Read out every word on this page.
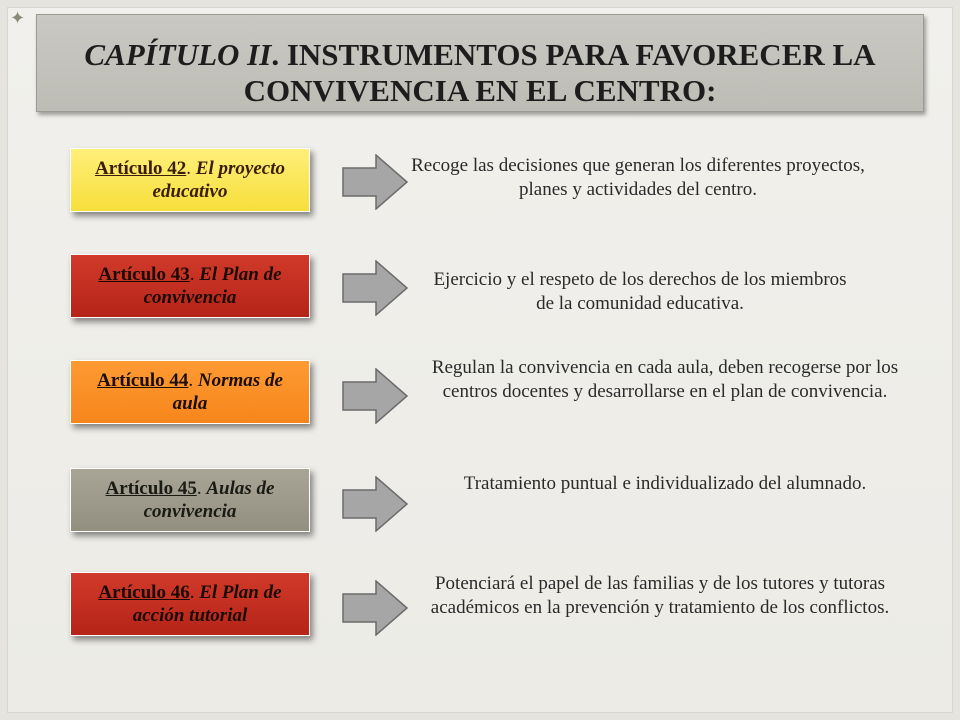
✦
CAPÍTULO II. INSTRUMENTOS PARA FAVORECER LA
CONVIVENCIA EN EL CENTRO:
Artículo 42. El proyecto educativo
Recoge las decisiones que generan los diferentes proyectos, planes y actividades del centro.
Artículo 43. El Plan de convivencia
Ejercicio y el respeto de los derechos de los miembros de la comunidad educativa.
Artículo 44. Normas de aula
Regulan la convivencia en cada aula, deben recogerse por los centros docentes y desarrollarse en el plan de convivencia.
Artículo 45. Aulas de convivencia
Tratamiento puntual e individualizado del alumnado.
Artículo 46. El Plan de acción tutorial
Potenciará el papel de las familias y de los tutores y tutoras académicos en la prevención y tratamiento de los conflictos.
